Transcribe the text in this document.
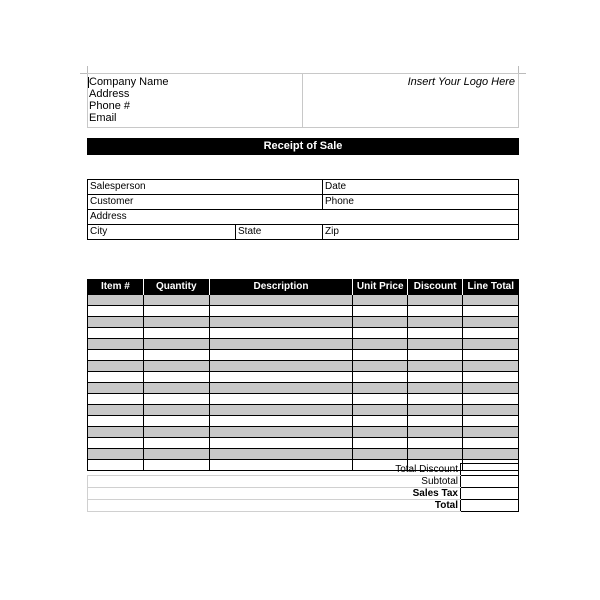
Company Name
Address
Phone #
Email
Insert Your Logo Here
Receipt of Sale
Salesperson		Date
Customer		Phone
Address		
City	State	Zip
Item #	Quantity	Description	Unit Price	Discount	Line Total

Total Discount	
Subtotal	
Sales Tax	
Total	
